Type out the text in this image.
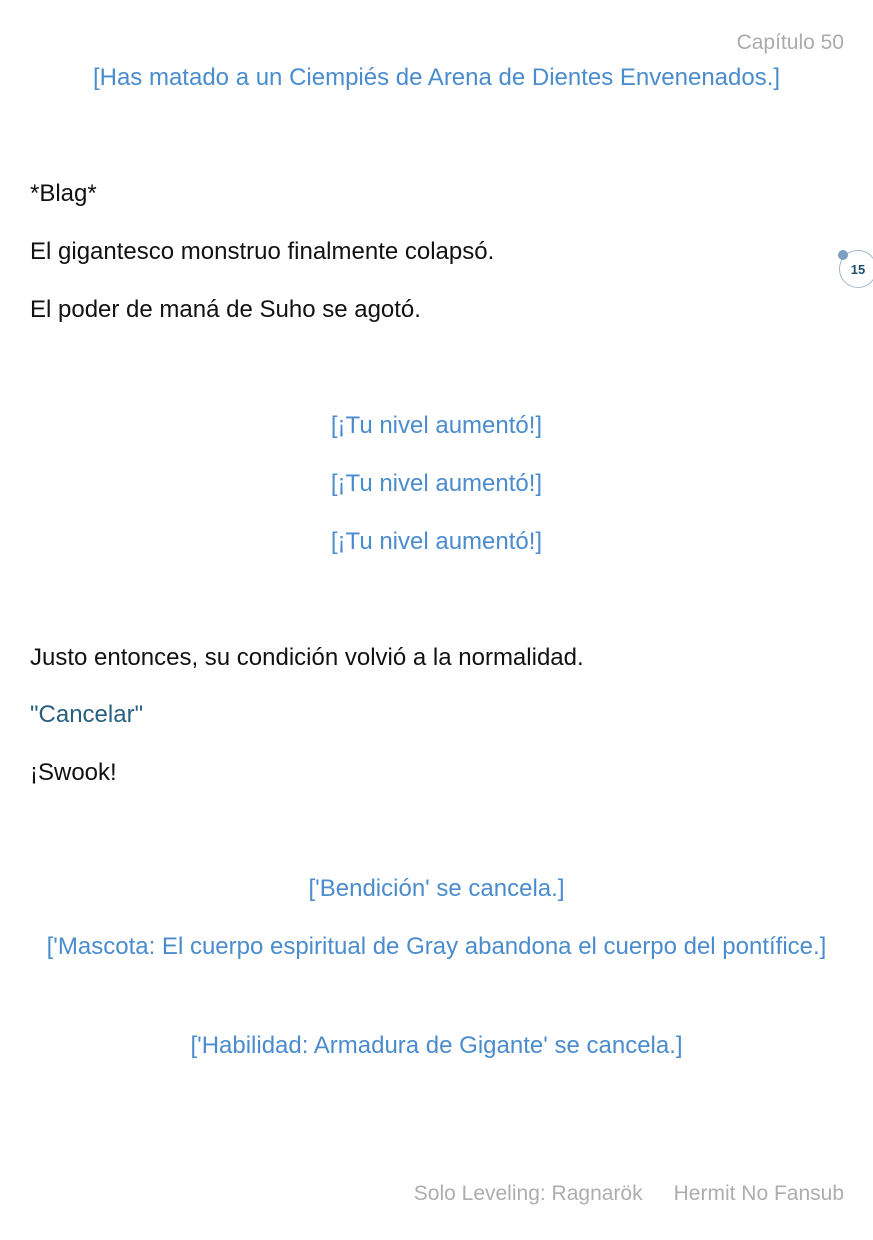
Capítulo 50

[Has matado a un Ciempiés de Arena de Dientes Envenenados.]

*Blag*

El gigantesco monstruo finalmente colapsó.

El poder de maná de Suho se agotó.

15

[¡Tu nivel aumentó!]

[¡Tu nivel aumentó!]

[¡Tu nivel aumentó!]

Justo entonces, su condición volvió a la normalidad.

"Cancelar"

¡Swook!

['Bendición' se cancela.]

['Mascota: El cuerpo espiritual de Gray abandona el cuerpo del pontífice.]

['Habilidad: Armadura de Gigante' se cancela.]

Solo Leveling: Ragnarök Hermit No Fansub
